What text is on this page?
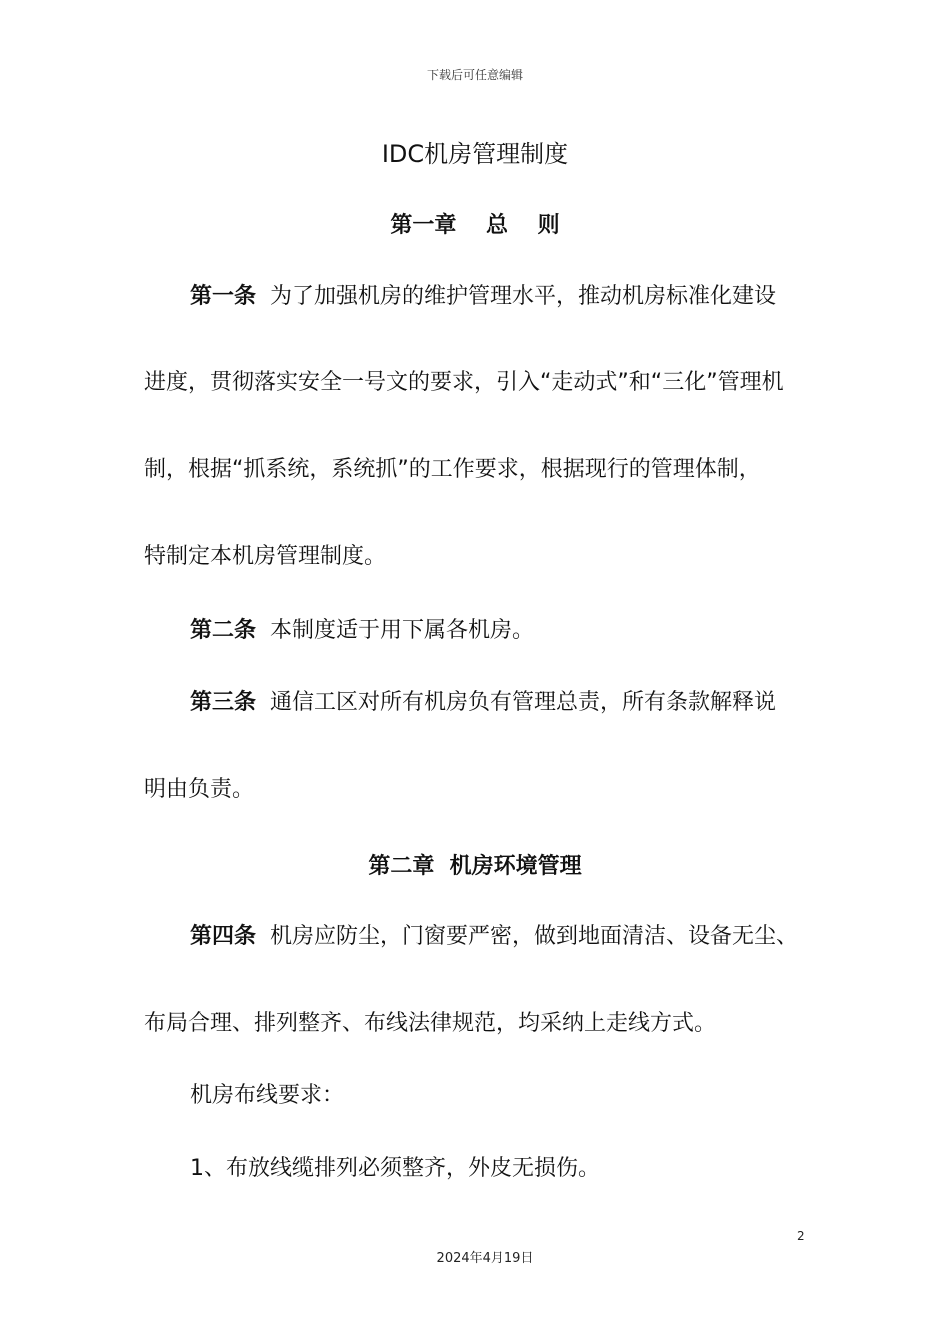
下载后可任意编辑
IDC机房管理制度
第一章　 总　 则

第一条 为了加强机房的维护管理水平，推动机房标准化建设

进度，贯彻落实安全一号文的要求，引入“走动式”和“三化”管理机

制，根据“抓系统，系统抓”的工作要求，根据现行的管理体制，

特制定本机房管理制度。

第二条 本制度适于用下属各机房。

第三条 通信工区对所有机房负有管理总责，所有条款解释说

明由负责。

第二章  机房环境管理

第四条 机房应防尘，门窗要严密，做到地面清洁、设备无尘、

布局合理、排列整齐、布线法律规范，均采纳上走线方式。

机房布线要求：

1、布放线缆排列必须整齐，外皮无损伤。

2
2024年4月19日
